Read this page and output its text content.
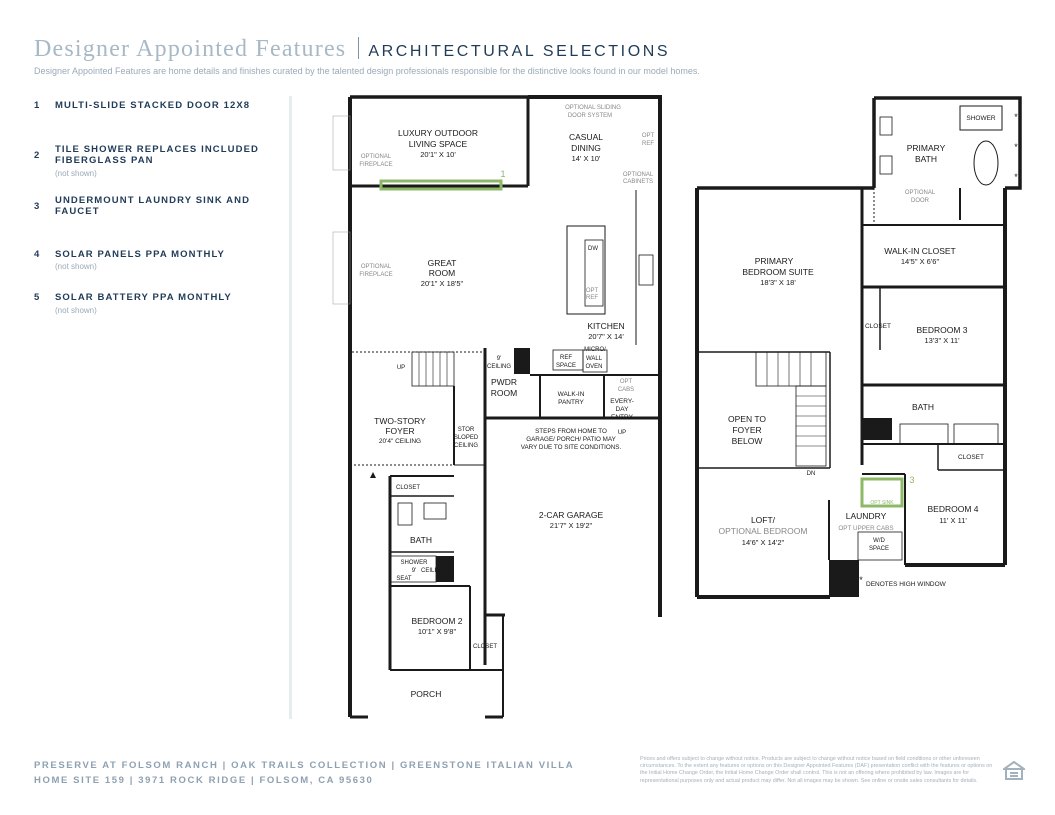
Designer Appointed Features ARCHITECTURAL SELECTIONS
Designer Appointed Features are home details and finishes curated by the talented design professionals responsible for the distinctive looks found in our model homes.
1 MULTI-SLIDE STACKED DOOR 12X8
2
TILE SHOWER REPLACES INCLUDED FIBERGLASS PAN
(not shown)
3
UNDERMOUNT LAUNDRY SINK AND FAUCET
4 SOLAR PANELS PPA MONTHLY
(not shown)
5 SOLAR BATTERY PPA MONTHLY
(not shown)
LUXURY OUTDOOR
LIVING SPACE
20'1" X 10'
OPTIONAL
FIREPLACE
OPTIONAL SLIDING
DOOR SYSTEM
CASUAL
DINING
14' X 10'
OPT
REF
OPTIONAL
CABINETS
GREAT
ROOM
20'1" X 18'5"
OPTIONAL
FIREPLACE
DW
OPT
REF
KITCHEN
20'7" X 14'
UP
9'
CEILING
REF
SPACE
MICRO/
WALL
OVEN
OPT
CABS
PWDR
ROOM	WALK-IN
PANTRY	EVERY-
DAY
ENTRY
UP
TWO-STORY
FOYER
20'4" CEILING
STOR
SLOPED
CEILING
STEPS FROM HOME TO
GARAGE/ PORCH/ PATIO MAY
VARY DUE TO SITE CONDITIONS.
CLOSET
BATH
SHOWER
9'
SEAT
2-CAR GARAGE
21'7" X 19'2"
BEDROOM 2
10'1" X 9'8"
CLOSET
PORCH
1
CEILING
SHOWER
PRIMARY
BATH
OPTIONAL
DOOR
PRIMARY
BEDROOM SUITE
18'3" X 18'
WALK-IN CLOSET
14'5" X 6'6"
CLOSET	BEDROOM 3
13'3" X 11'
OPEN TO
FOYER
BELOW
BATH
STOR
CLOSET
DN
OPT SINK
3
LAUNDRY
OPT UPPER CABS
W/D
SPACE
BEDROOM 4
11' X 11'
LOFT/
OPTIONAL BEDROOM
14'6" X 14'2"
*
*
*
* DENOTES HIGH WINDOW
PRESERVE AT FOLSOM RANCH | OAK TRAILS COLLECTION | GREENSTONE ITALIAN VILLA
HOME SITE 159 | 3971 ROCK RIDGE | FOLSOM, CA 95630
Prices and offers subject to change without notice. Products are subject to change without notice based on field conditions or other unforeseen circumstances. To the extent any features or options on this Designer Appointed Features (DAF) presentation conflict with the features or options on the Initial Home Change Order, the Initial Home Change Order shall control. This is not an offering where prohibited by law. Images are for representational purposes only and actual product may differ. Not all images may be shown. See online or onsite sales consultants for details.
